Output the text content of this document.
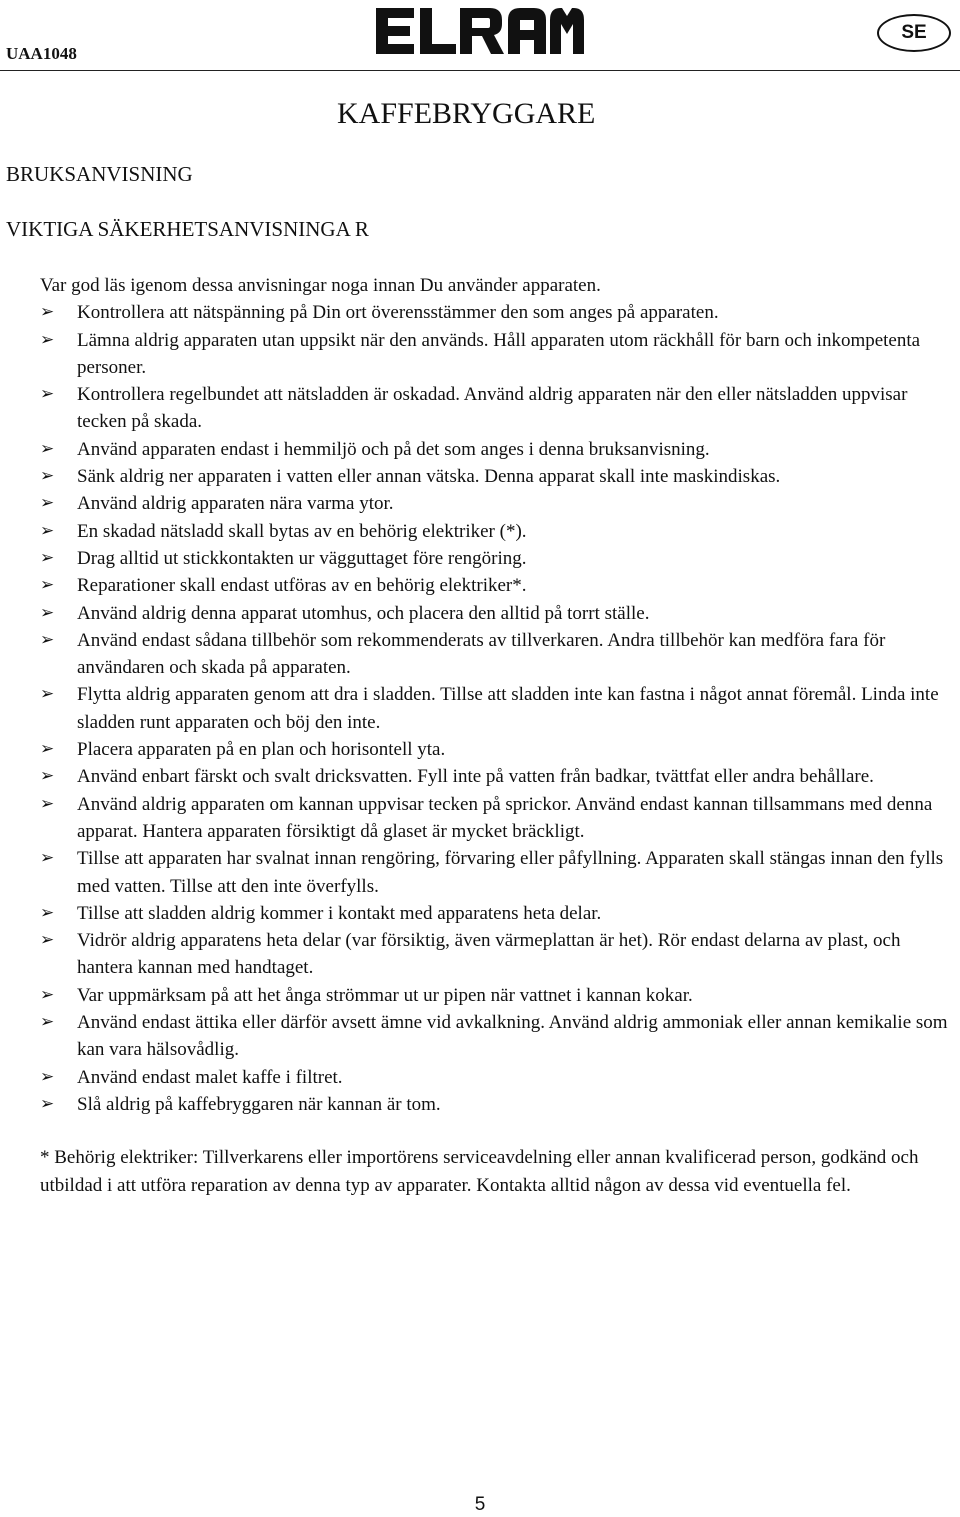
UAA1048
SE
KAFFEBRYGGARE
BRUKSANVISNING
VIKTIGA SÄKERHETSANVISNINGA R

Var god läs igenom dessa anvisningar noga innan Du använder apparaten.

➢ Kontrollera att nätspänning på Din ort överensstämmer den som anges på apparaten.
➢ Lämna aldrig apparaten utan uppsikt när den används. Håll apparaten utom räckhåll för barn och inkompetenta personer.
➢ Kontrollera regelbundet att nätsladden är oskadad. Använd aldrig apparaten när den eller nätsladden uppvisar tecken på skada.
➢ Använd apparaten endast i hemmiljö och på det som anges i denna bruksanvisning.
➢ Sänk aldrig ner apparaten i vatten eller annan vätska. Denna apparat skall inte maskindiskas.
➢ Använd aldrig apparaten nära varma ytor.
➢ En skadad nätsladd skall bytas av en behörig elektriker (*).
➢ Drag alltid ut stickkontakten ur vägguttaget före rengöring.
➢ Reparationer skall endast utföras av en behörig elektriker*.
➢ Använd aldrig denna apparat utomhus, och placera den alltid på torrt ställe.
➢ Använd endast sådana tillbehör som rekommenderats av tillverkaren. Andra tillbehör kan medföra fara för användaren och skada på apparaten.
➢ Flytta aldrig apparaten genom att dra i sladden. Tillse att sladden inte kan fastna i något annat föremål. Linda inte sladden runt apparaten och böj den inte.
➢ Placera apparaten på en plan och horisontell yta.
➢ Använd enbart färskt och svalt dricksvatten. Fyll inte på vatten från badkar, tvättfat eller andra behållare.
➢ Använd aldrig apparaten om kannan uppvisar tecken på sprickor. Använd endast kannan tillsammans med denna apparat. Hantera apparaten försiktigt då glaset är mycket bräckligt.
➢ Tillse att apparaten har svalnat innan rengöring, förvaring eller påfyllning. Apparaten skall stängas innan den fylls med vatten. Tillse att den inte överfylls.
➢ Tillse att sladden aldrig kommer i kontakt med apparatens heta delar.
➢ Vidrör aldrig apparatens heta delar (var försiktig, även värmeplattan är het). Rör endast delarna av plast, och hantera kannan med handtaget.
➢ Var uppmärksam på att het ånga strömmar ut ur pipen när vattnet i kannan kokar.
➢ Använd endast ättika eller därför avsett ämne vid avkalkning. Använd aldrig ammoniak eller annan kemikalie som kan vara hälsovådlig.
➢ Använd endast malet kaffe i filtret.
➢ Slå aldrig på kaffebryggaren när kannan är tom.

* Behörig elektriker: Tillverkarens eller importörens serviceavdelning eller annan kvalificerad person, godkänd och utbildad i att utföra reparation av denna typ av apparater. Kontakta alltid någon av dessa vid eventuella fel.

5
